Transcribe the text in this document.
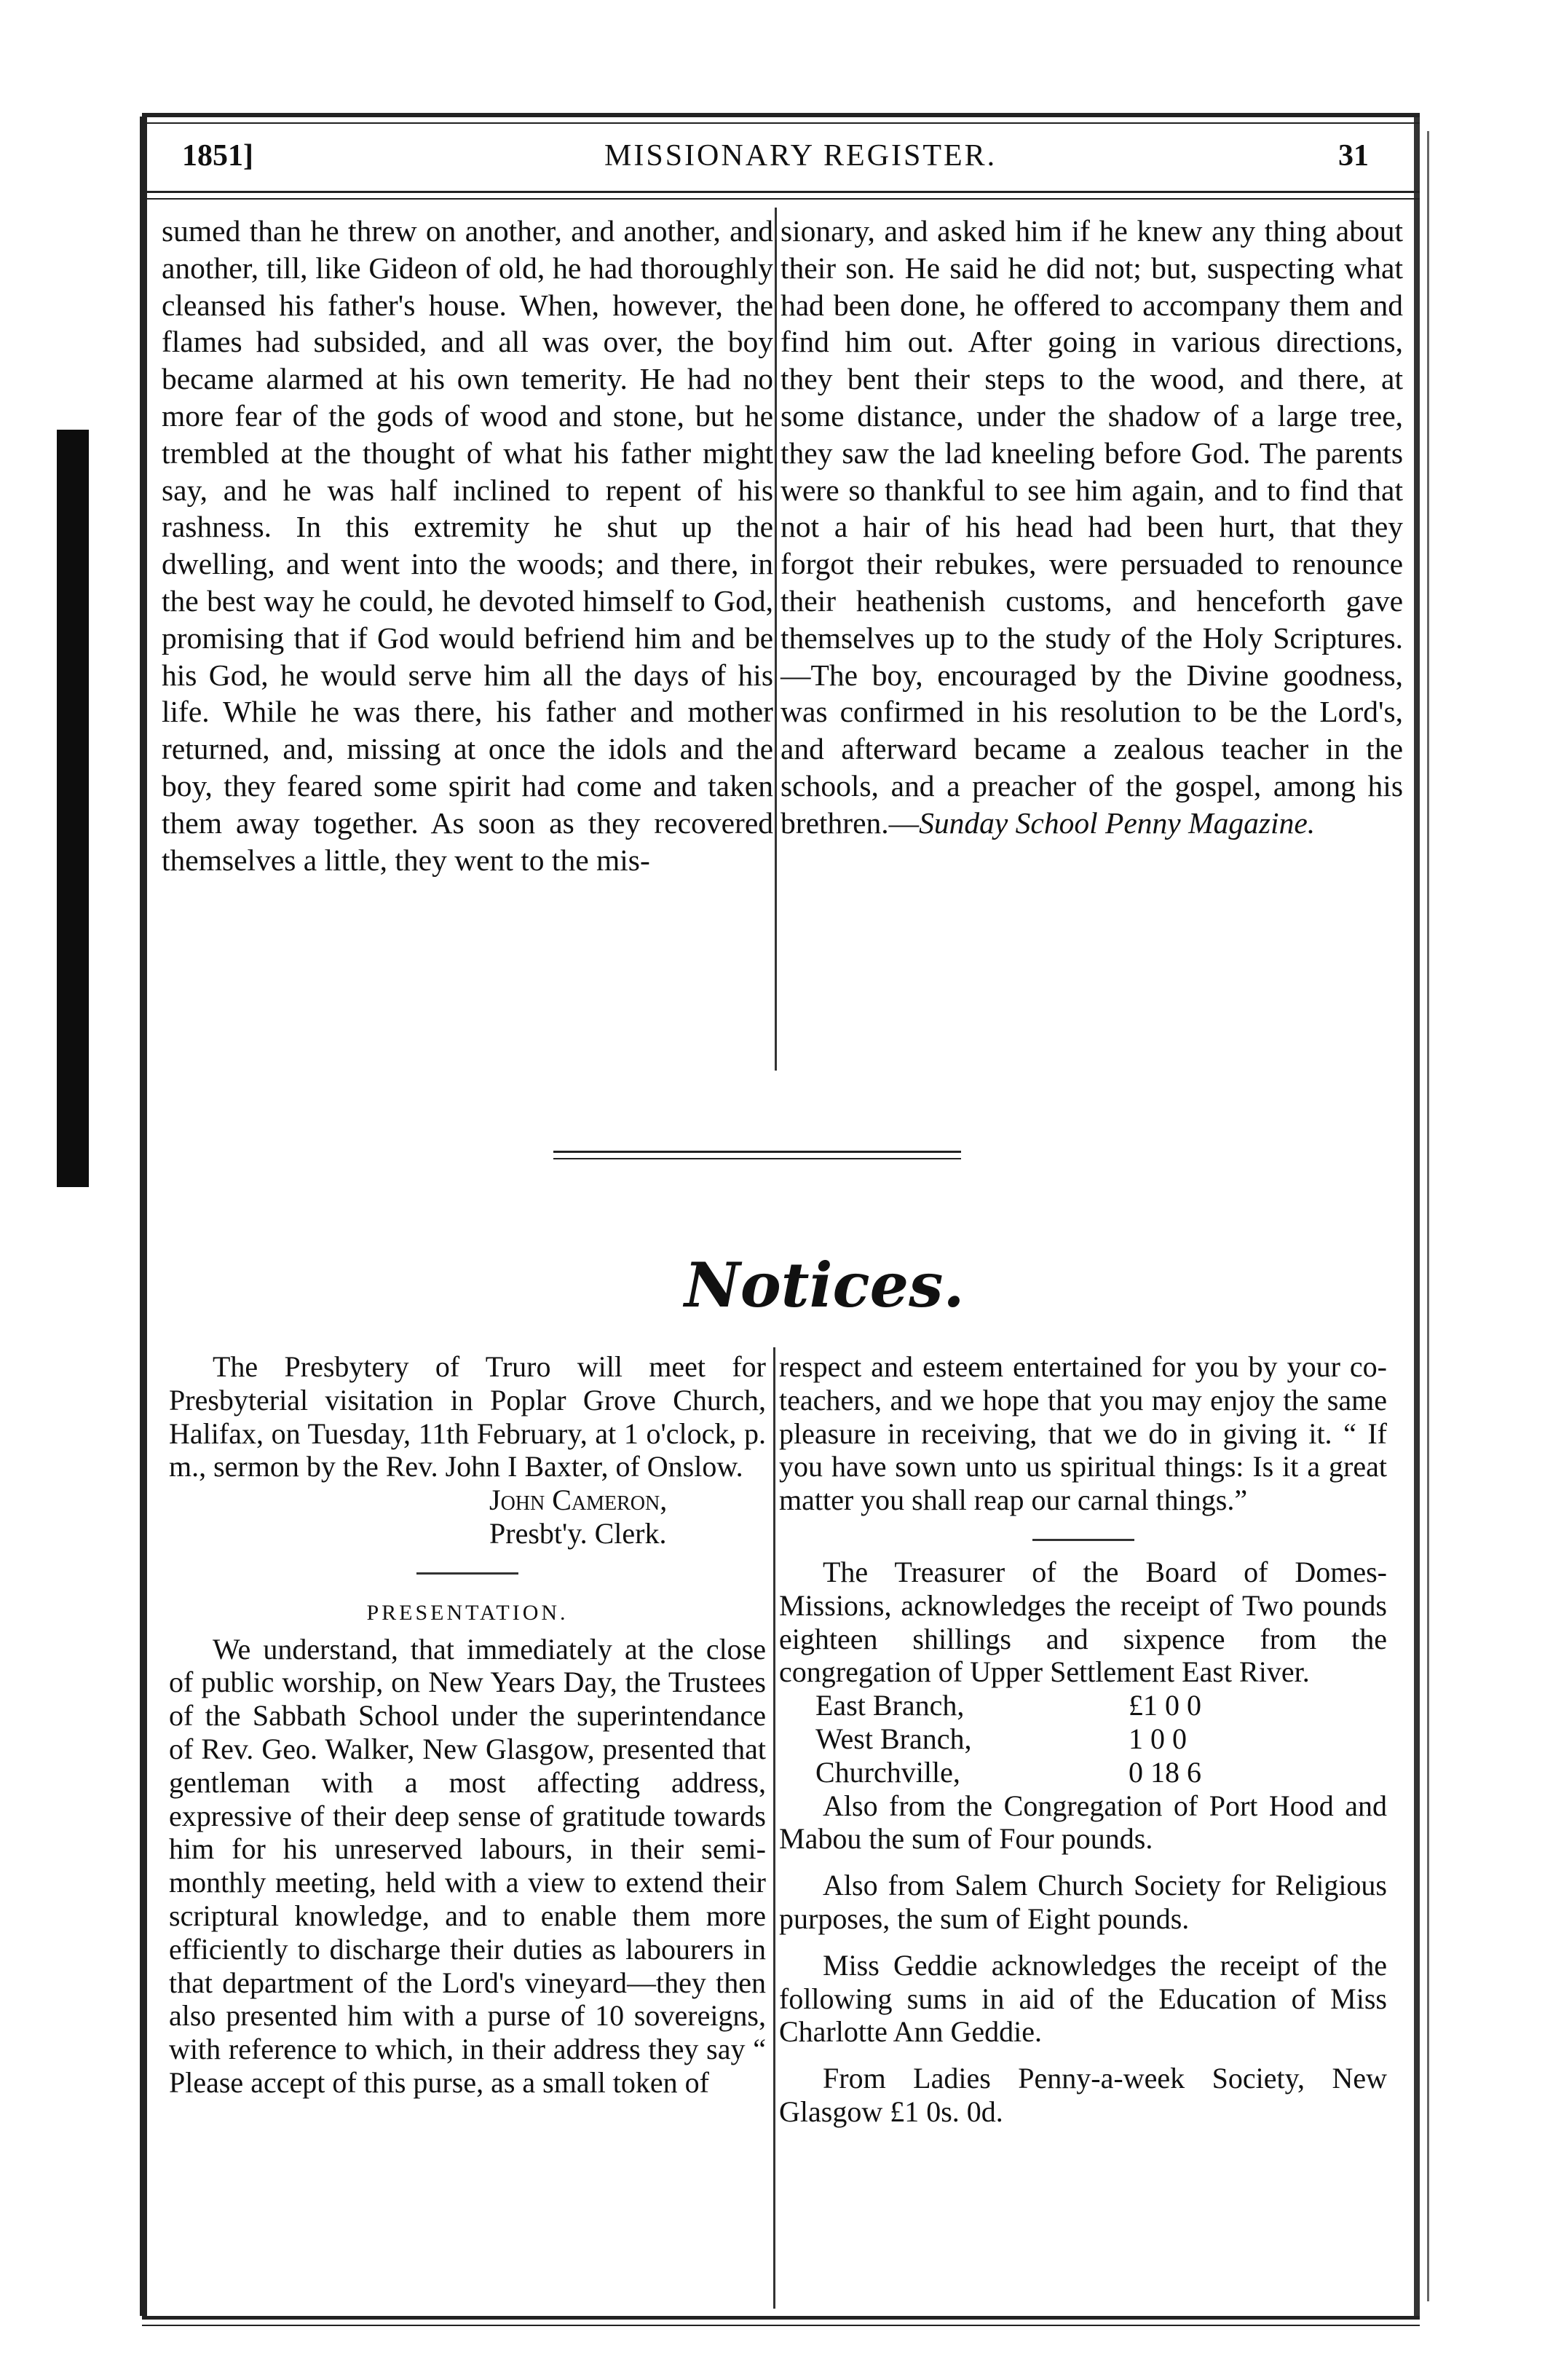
1851]	MISSIONARY REGISTER.	31

sumed than he threw on another, and another, and another, till, like Gideon of old, he had thoroughly cleansed his father's house. When, however, the flames had subsided, and all was over, the boy became alarmed at his own temerity. He had no more fear of the gods of wood and stone, but he trembled at the thought of what his father might say, and he was half inclined to repent of his rashness. In this extremity he shut up the dwelling, and went into the woods; and there, in the best way he could, he devoted himself to God, promising that if God would befriend him and be his God, he would serve him all the days of his life. While he was there, his father and mother returned, and, missing at once the idols and the boy, they feared some spirit had come and taken them away together. As soon as they recovered themselves a little, they went to the mis-

sionary, and asked him if he knew any thing about their son. He said he did not; but, suspecting what had been done, he offered to accompany them and find him out. After going in various directions, they bent their steps to the wood, and there, at some distance, under the shadow of a large tree, they saw the lad kneeling before God. The parents were so thankful to see him again, and to find that not a hair of his head had been hurt, that they forgot their rebukes, were persuaded to renounce their heathenish customs, and henceforth gave themselves up to the study of the Holy Scriptures.—The boy, encouraged by the Divine goodness, was confirmed in his resolution to be the Lord's, and afterward became a zealous teacher in the schools, and a preacher of the gospel, among his brethren.—Sunday School Penny Magazine.

Notices.

The Presbytery of Truro will meet for Presbyterial visitation in Poplar Grove Church, Halifax, on Tuesday, 11th February, at 1 o'clock, p. m., sermon by the Rev. John I Baxter, of Onslow.

John Cameron,

Presbt'y. Clerk.

PRESENTATION.

We understand, that immediately at the close of public worship, on New Years Day, the Trustees of the Sabbath School under the superintendance of Rev. Geo. Walker, New Glasgow, presented that gentleman with a most affecting address, expressive of their deep sense of gratitude towards him for his unreserved labours, in their semi-monthly meeting, held with a view to extend their scriptural knowledge, and to enable them more efficiently to discharge their duties as labourers in that department of the Lord's vineyard—they then also presented him with a purse of 10 sovereigns, with reference to which, in their address they say “ Please accept of this purse, as a small token of

respect and esteem entertained for you by your co-teachers, and we hope that you may enjoy the same pleasure in receiving, that we do in giving it. “ If you have sown unto us spiritual things: Is it a great matter you shall reap our carnal things.”

The Treasurer of the Board of Domes- Missions, acknowledges the receipt of Two pounds eighteen shillings and sixpence from the congregation of Upper Settlement East River.

East Branch,	£1 0 0
West Branch,	1 0 0
Churchville,	0 18 6

Also from the Congregation of Port Hood and Mabou the sum of Four pounds.

Also from Salem Church Society for Religious purposes, the sum of Eight pounds.

Miss Geddie acknowledges the receipt of the following sums in aid of the Education of Miss Charlotte Ann Geddie.

From Ladies Penny-a-week Society, New Glasgow £1 0s. 0d.
